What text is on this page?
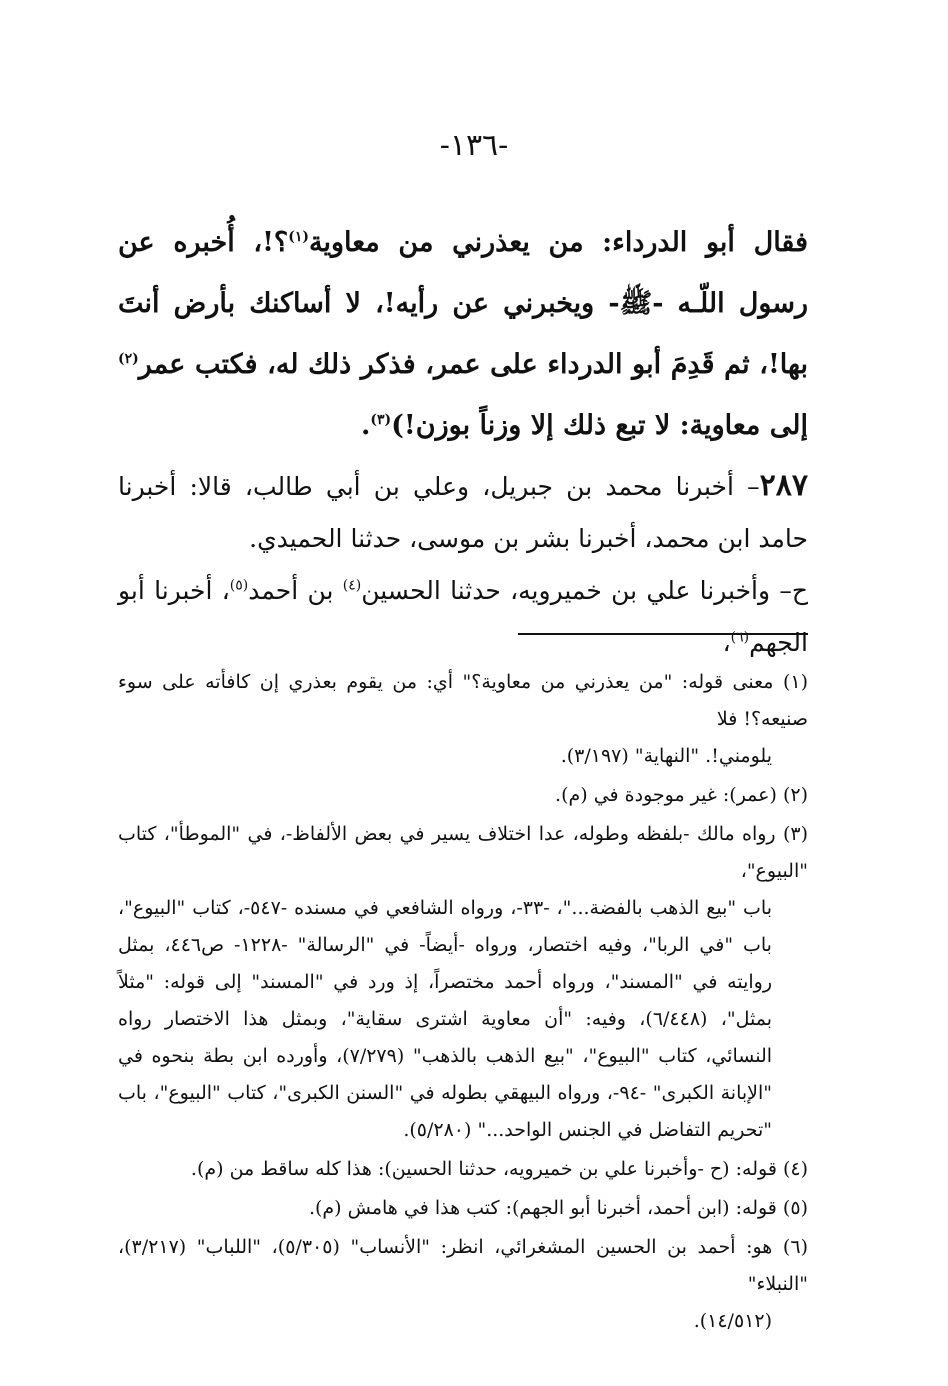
-١٣٦-

فقال أبو الدرداء: من يعذرني من معاوية$^{(١)}$؟!، أُخبره عن رسول اللّـه -ﷺ- ويخبرني عن رأيه!، لا أساكنك بأرض أنتَ بها!، ثم قَدِمَ أبو الدرداء على عمر، فذكر ذلك له، فكتب عمر$^{(٢)}$ إلى معاوية: لا تبع ذلك إلا وزناً بوزن!)$^{(٣)}$.

٢٨٧– أخبرنا محمد بن جبريل، وعلي بن أبي طالب، قالا: أخبرنا حامد ابن محمد، أخبرنا بشر بن موسى، حدثنا الحميدي.

ح– وأخبرنا علي بن خميرويه، حدثنا الحسين$^{(٤)}$ بن أحمد$^{(٥)}$، أخبرنا أبو الجهم$^{(٦)}$،

(١) معنى قوله: "من يعذرني من معاوية؟" أي: من يقوم بعذري إن كافأته على سوء صنيعه؟! فلا
يلومني!. "النهاية" (٣/١٩٧).

(٢) (عمر): غير موجودة في (م).

(٣) رواه مالك -بلفظه وطوله، عدا اختلاف يسير في بعض الألفاظ-، في "الموطأ"، كتاب "البيوع"،
باب "بيع الذهب بالفضة..."، -٣٣-، ورواه الشافعي في مسنده -٥٤٧-، كتاب "البيوع"، باب "في الربا"، وفيه اختصار، ورواه -أيضاً- في "الرسالة" -١٢٢٨- ص٤٤٦، بمثل روايته في "المسند"، ورواه أحمد مختصراً، إذ ورد في "المسند" إلى قوله: "مثلاً بمثل"، (٦/٤٤٨)، وفيه: "أن معاوية اشترى سقاية"، وبمثل هذا الاختصار رواه النسائي، كتاب "البيوع"، "بيع الذهب بالذهب" (٧/٢٧٩)، وأورده ابن بطة بنحوه في "الإبانة الكبرى" -٩٤-، ورواه البيهقي بطوله في "السنن الكبرى"، كتاب "البيوع"، باب "تحريم التفاضل في الجنس الواحد..." (٥/٢٨٠).

(٤) قوله: (ح -وأخبرنا علي بن خميرويه، حدثنا الحسين): هذا كله ساقط من (م).

(٥) قوله: (ابن أحمد، أخبرنا أبو الجهم): كتب هذا في هامش (م).

(٦) هو: أحمد بن الحسين المشغرائي، انظر: "الأنساب" (٥/٣٠٥)، "اللباب" (٣/٢١٧)، "النبلاء"
(١٤/٥١٢).
